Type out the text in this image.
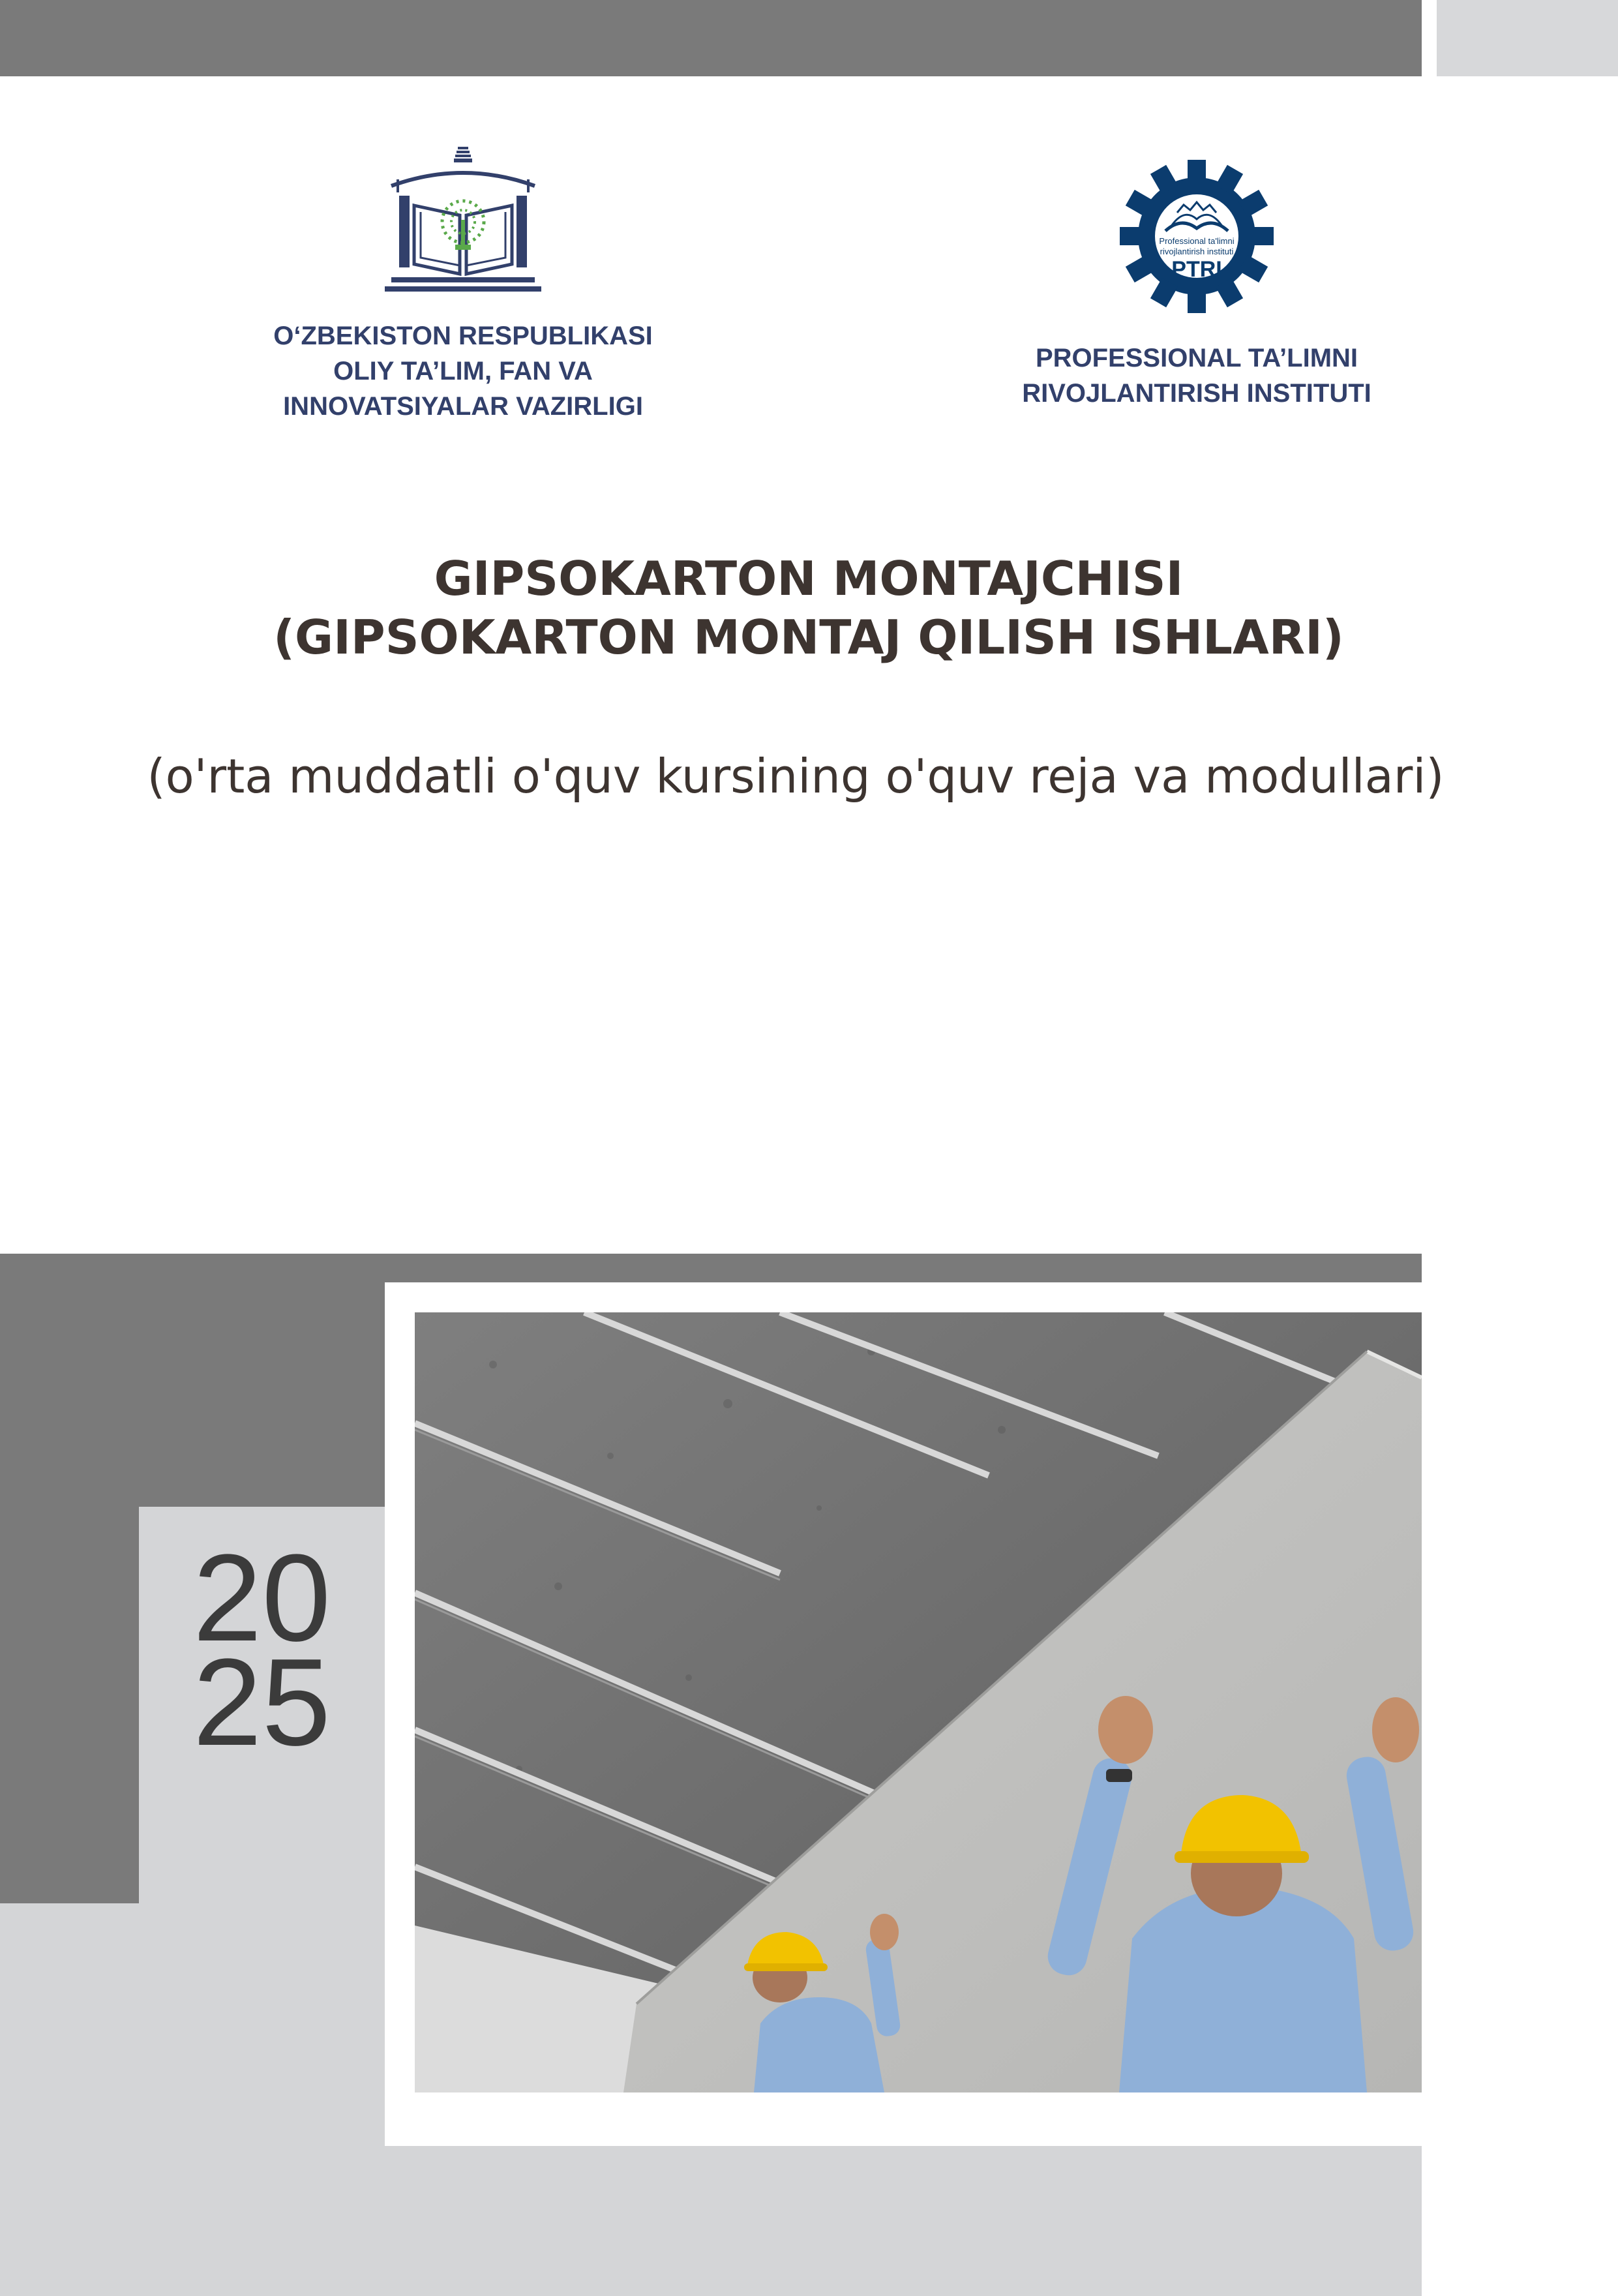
O‘ZBEKISTON RESPUBLIKASI
OLIY TA’LIM, FAN VA
INNOVATSIYALAR VAZIRLIGI
Professional ta'limni
rivojlantirish instituti
PTRI
PROFESSIONAL TA’LIMNI
RIVOJLANTIRISH INSTITUTI
GIPSOKARTON MONTAJCHISI
(GIPSOKARTON MONTAJ QILISH ISHLARI)
(o'rta muddatli o'quv kursining o'quv reja va modullari)
20
25
